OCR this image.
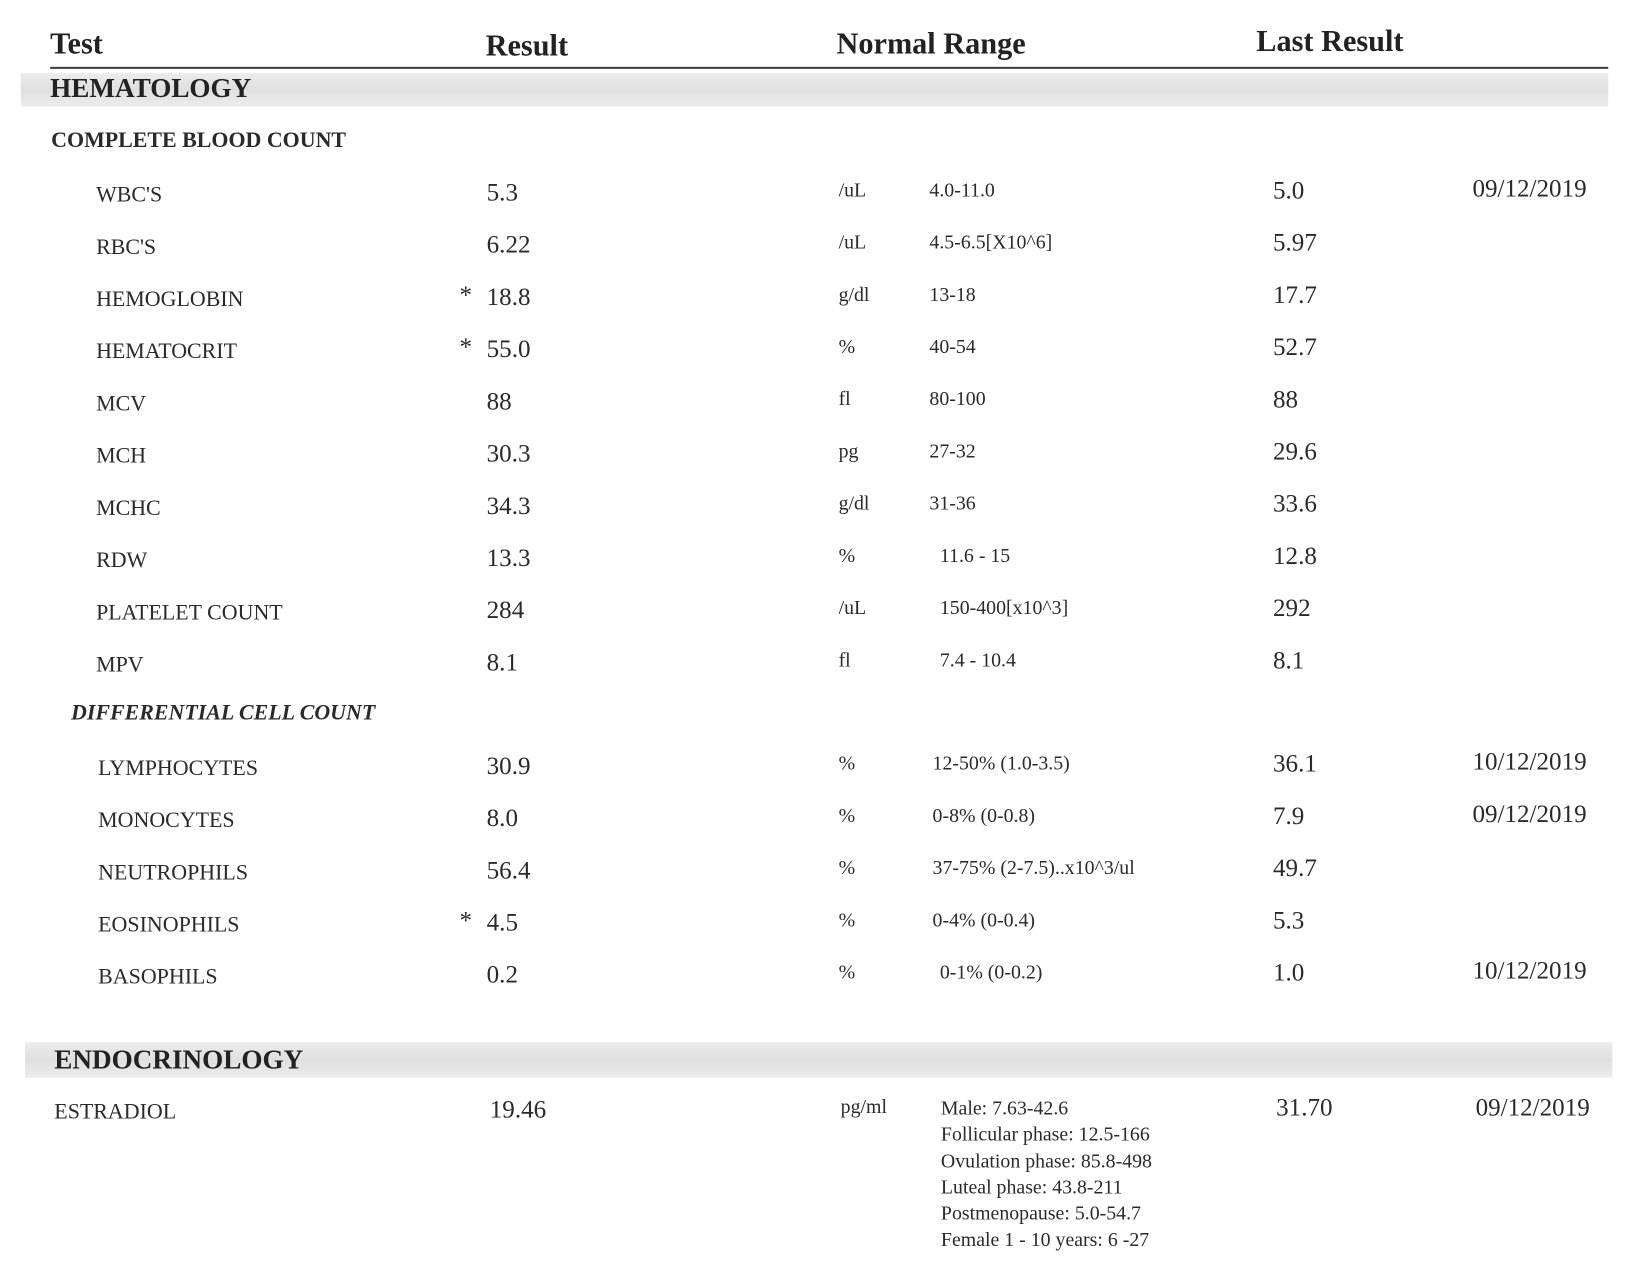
Test	Result	Normal Range	Last Result
HEMATOLOGY
COMPLETE BLOOD COUNT
WBC'S	5.3	/uL	4.0-11.0	5.0	09/12/2019
RBC'S	6.22	/uL	4.5-6.5[X10^6]	5.97
HEMOGLOBIN	* 18.8	g/dl	13-18	17.7
HEMATOCRIT	* 55.0	%	40-54	52.7
MCV	88	fl	80-100	88
MCH	30.3	pg	27-32	29.6
MCHC	34.3	g/dl	31-36	33.6
RDW	13.3	%	11.6 - 15	12.8
PLATELET COUNT	284	/uL	150-400[x10^3]	292
MPV	8.1	fl	7.4 - 10.4	8.1
DIFFERENTIAL CELL COUNT
LYMPHOCYTES	30.9	%	12-50% (1.0-3.5)	36.1	10/12/2019
MONOCYTES	8.0	%	0-8% (0-0.8)	7.9	09/12/2019
NEUTROPHILS	56.4	%	37-75% (2-7.5)..x10^3/ul	49.7
EOSINOPHILS	* 4.5	%	0-4% (0-0.4)	5.3
BASOPHILS	0.2	%	0-1% (0-0.2)	1.0	10/12/2019
ENDOCRINOLOGY
ESTRADIOL	19.46	pg/ml	Male: 7.63-42.6
Follicular phase: 12.5-166
Ovulation phase: 85.8-498
Luteal phase: 43.8-211
Postmenopause: 5.0-54.7
Female 1 - 10 years: 6 -27
31.70	09/12/2019
